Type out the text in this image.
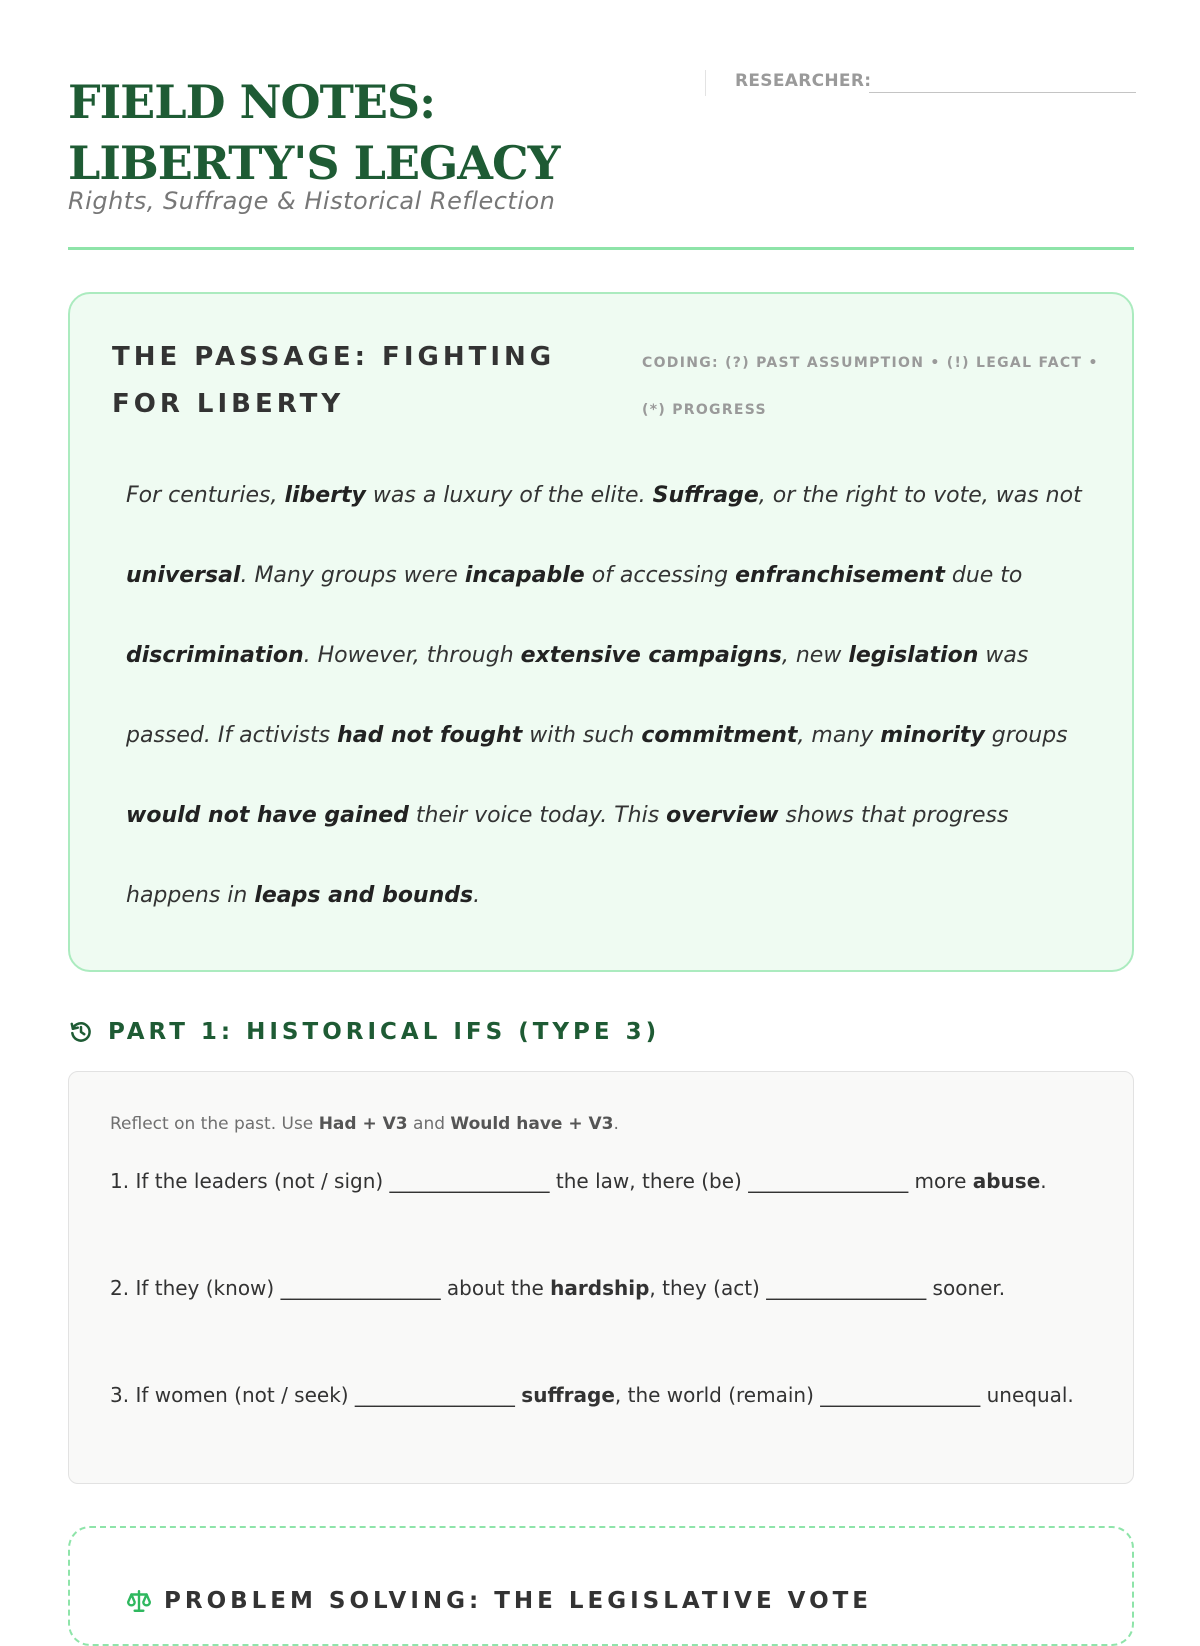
FIELD NOTES: LIBERTY'S LEGACY
Rights, Suffrage & Historical Reflection
RESEARCHER:
THE PASSAGE: FIGHTING FOR LIBERTY
CODING: (?) PAST ASSUMPTION • (!) LEGAL FACT • (*) PROGRESS
For centuries, liberty was a luxury of the elite. Suffrage, or the right to vote, was not universal. Many groups were incapable of accessing enfranchisement due to discrimination. However, through extensive campaigns, new legislation was passed. If activists had not fought with such commitment, many minority groups would not have gained their voice today. This overview shows that progress happens in leaps and bounds.
PART 1: HISTORICAL IFS (TYPE 3)
Reflect on the past. Use Had + V3 and Would have + V3.
1. If the leaders (not / sign) ________________ the law, there (be) ________________ more abuse.
2. If they (know) ________________ about the hardship, they (act) ________________ sooner.
3. If women (not / seek) ________________ suffrage, the world (remain) ________________ unequal.
PROBLEM SOLVING: THE LEGISLATIVE VOTE
